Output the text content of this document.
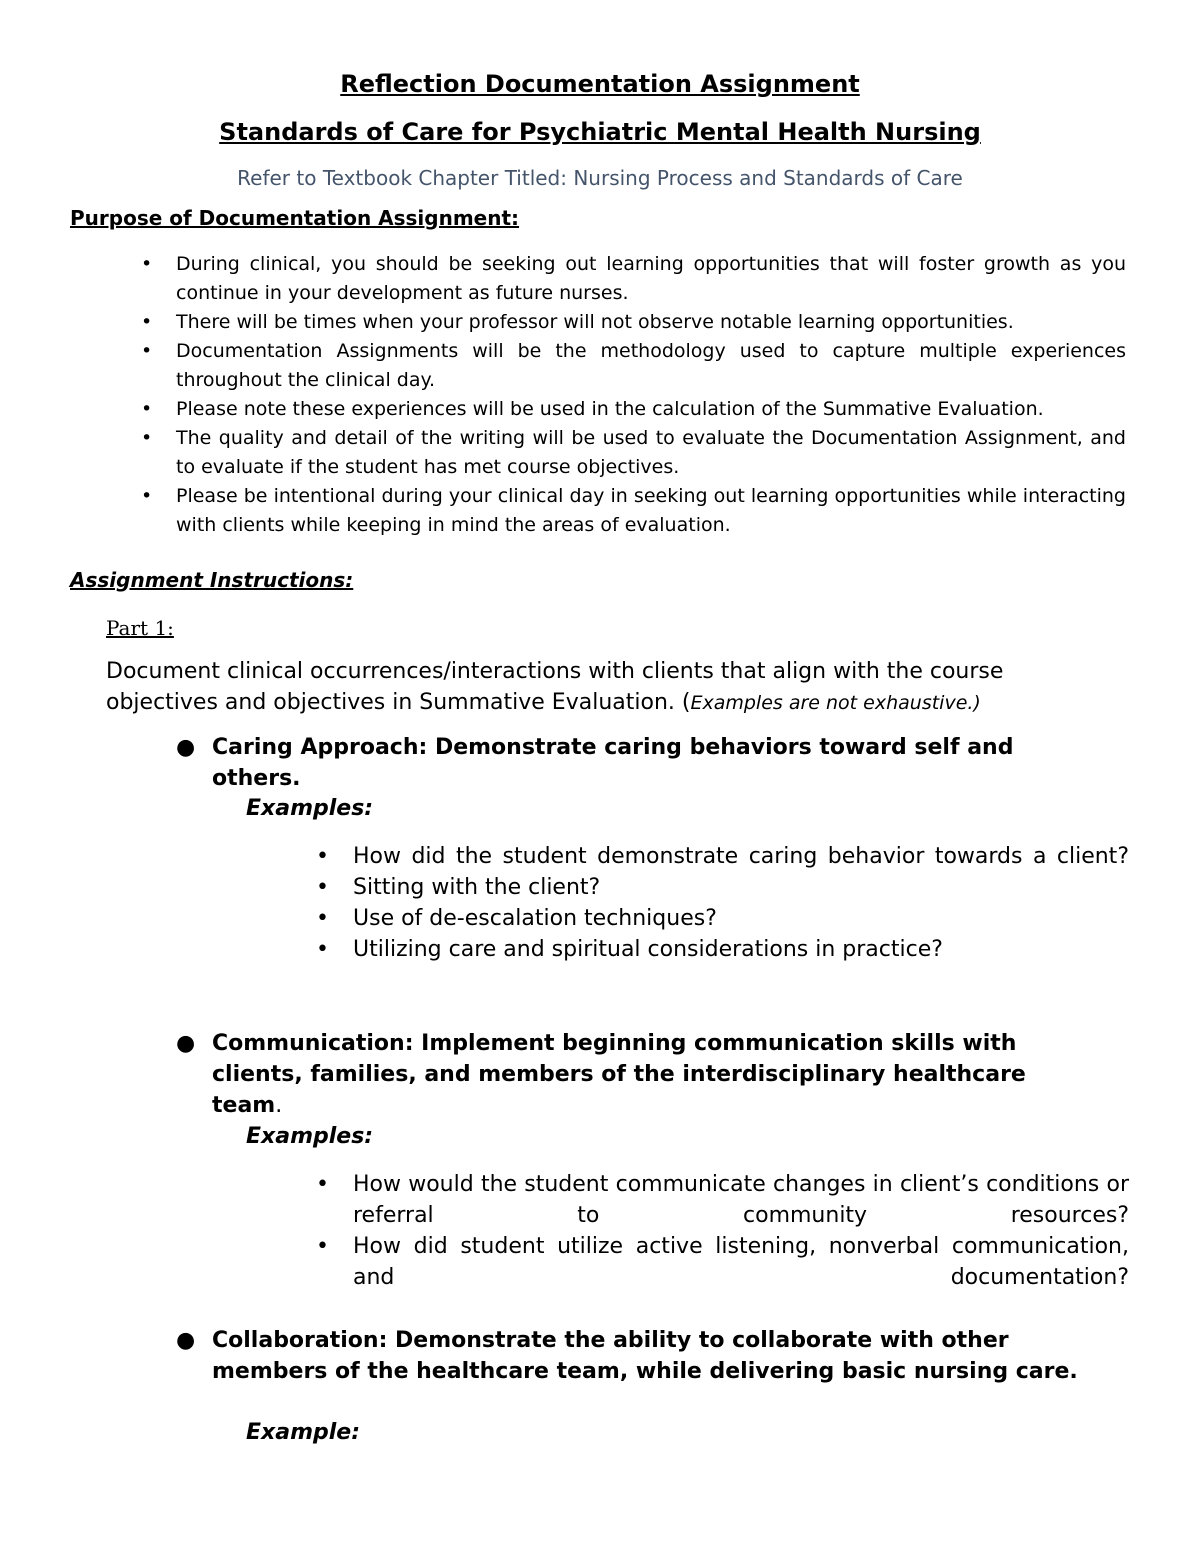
Reflection Documentation Assignment
Standards of Care for Psychiatric Mental Health Nursing

Refer to Textbook Chapter Titled: Nursing Process and Standards of Care

Purpose of Documentation Assignment:

• During clinical, you should be seeking out learning opportunities that will foster growth as you continue in your development as future nurses.
• There will be times when your professor will not observe notable learning opportunities.
• Documentation Assignments will be the methodology used to capture multiple experiences throughout the clinical day.
• Please note these experiences will be used in the calculation of the Summative Evaluation.
• The quality and detail of the writing will be used to evaluate the Documentation Assignment, and to evaluate if the student has met course objectives.
• Please be intentional during your clinical day in seeking out learning opportunities while interacting with clients while keeping in mind the areas of evaluation.

Assignment Instructions:

Part 1:

Document clinical occurrences/interactions with clients that align with the course objectives and objectives in Summative Evaluation. (Examples are not exhaustive.)

● Caring Approach: Demonstrate caring behaviors toward self and others.
Examples:
• How did the student demonstrate caring behavior towards a client?
• Sitting with the client?
• Use of de-escalation techniques?
• Utilizing care and spiritual considerations in practice?
● Communication: Implement beginning communication skills with clients, families, and members of the interdisciplinary healthcare team.
Examples:
• How would the student communicate changes in client’s conditions or referral to community resources?
• How did student utilize active listening, nonverbal communication, and documentation?
● Collaboration: Demonstrate the ability to collaborate with other members of the healthcare team, while delivering basic nursing care.
Example:
